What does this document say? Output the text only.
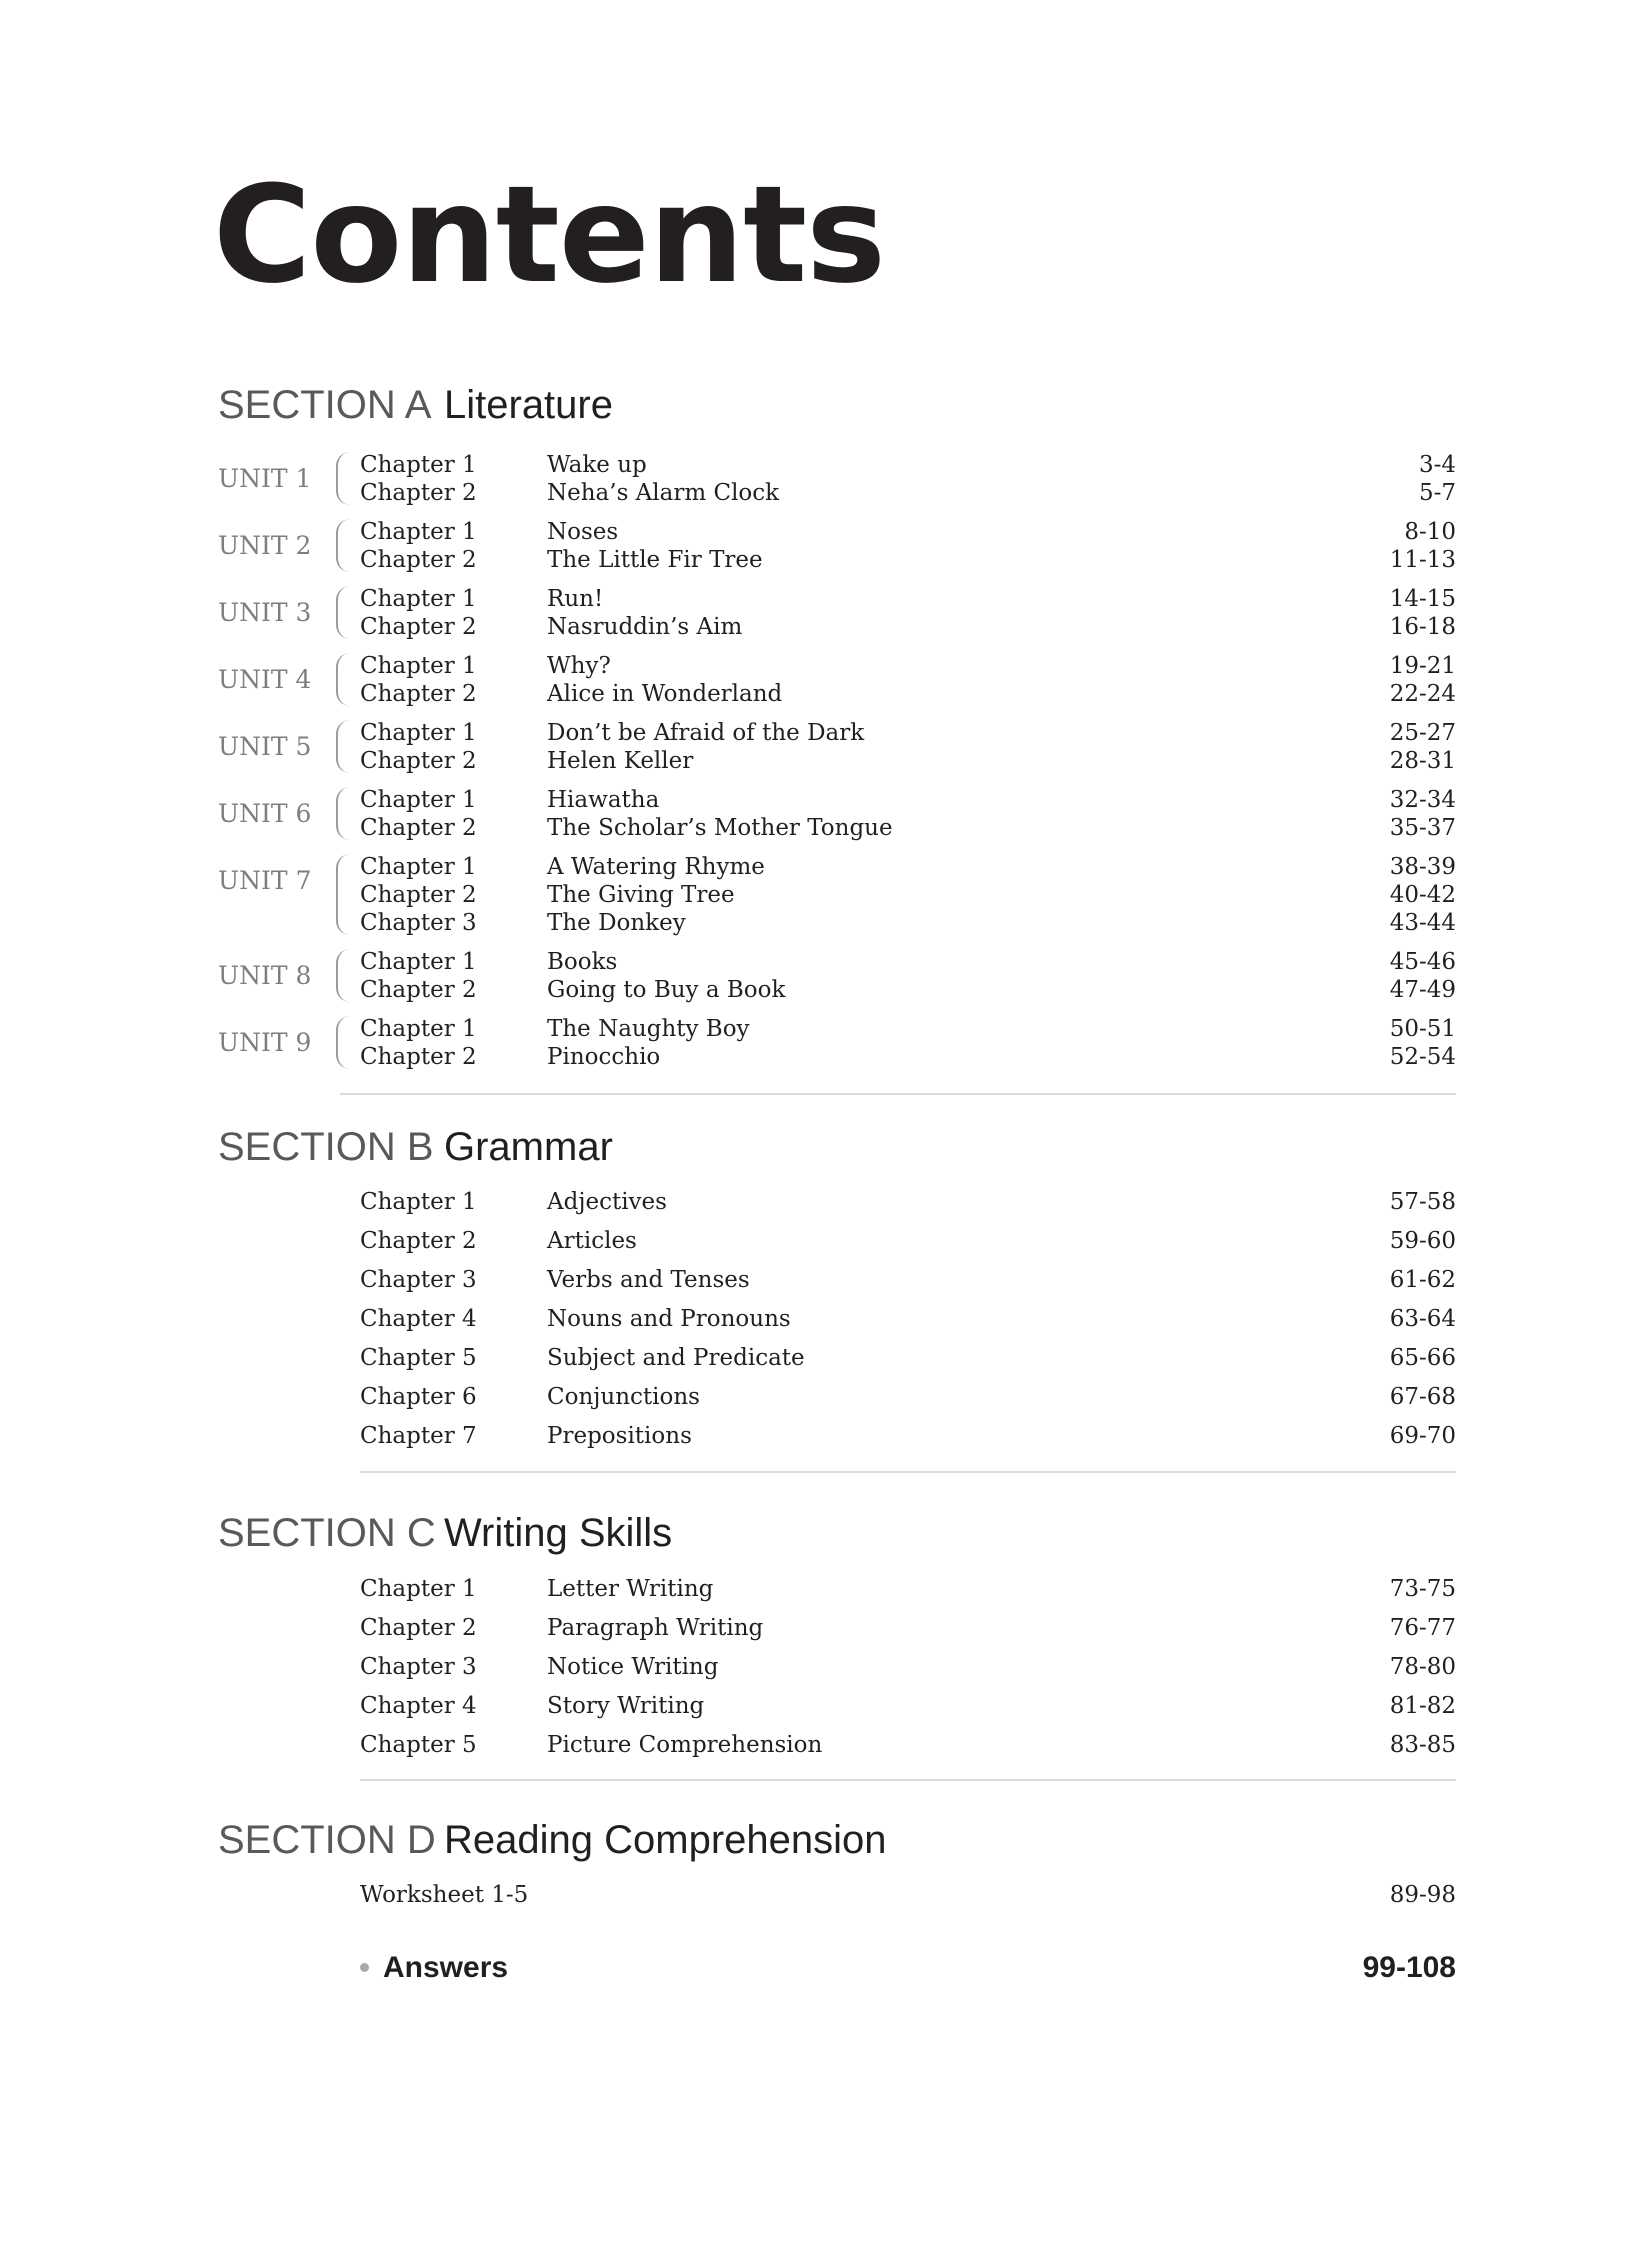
Contents
SECTION A Literature
UNIT 1	Chapter 1	Wake up	3-4
Chapter 2	Neha’s Alarm Clock	5-7
UNIT 2	Chapter 1	Noses	8-10
Chapter 2	The Little Fir Tree	11-13
UNIT 3	Chapter 1	Run!	14-15
Chapter 2	Nasruddin’s Aim	16-18
UNIT 4	Chapter 1	Why?	19-21
Chapter 2	Alice in Wonderland	22-24
UNIT 5	Chapter 1	Don’t be Afraid of the Dark	25-27
Chapter 2	Helen Keller	28-31
UNIT 6	Chapter 1	Hiawatha	32-34
Chapter 2	The Scholar’s Mother Tongue	35-37
UNIT 7	Chapter 1	A Watering Rhyme	38-39
Chapter 2	The Giving Tree	40-42
Chapter 3	The Donkey	43-44
UNIT 8	Chapter 1	Books	45-46
Chapter 2	Going to Buy a Book	47-49
UNIT 9	Chapter 1	The Naughty Boy	50-51
Chapter 2	Pinocchio	52-54
SECTION B Grammar
Chapter 1	Adjectives	57-58
Chapter 2	Articles	59-60
Chapter 3	Verbs and Tenses	61-62
Chapter 4	Nouns and Pronouns	63-64
Chapter 5	Subject and Predicate	65-66
Chapter 6	Conjunctions	67-68
Chapter 7	Prepositions	69-70
SECTION C Writing Skills
Chapter 1	Letter Writing	73-75
Chapter 2	Paragraph Writing	76-77
Chapter 3	Notice Writing	78-80
Chapter 4	Story Writing	81-82
Chapter 5	Picture Comprehension	83-85
SECTION D Reading Comprehension
Worksheet 1-5	89-98
Answers	99-108
